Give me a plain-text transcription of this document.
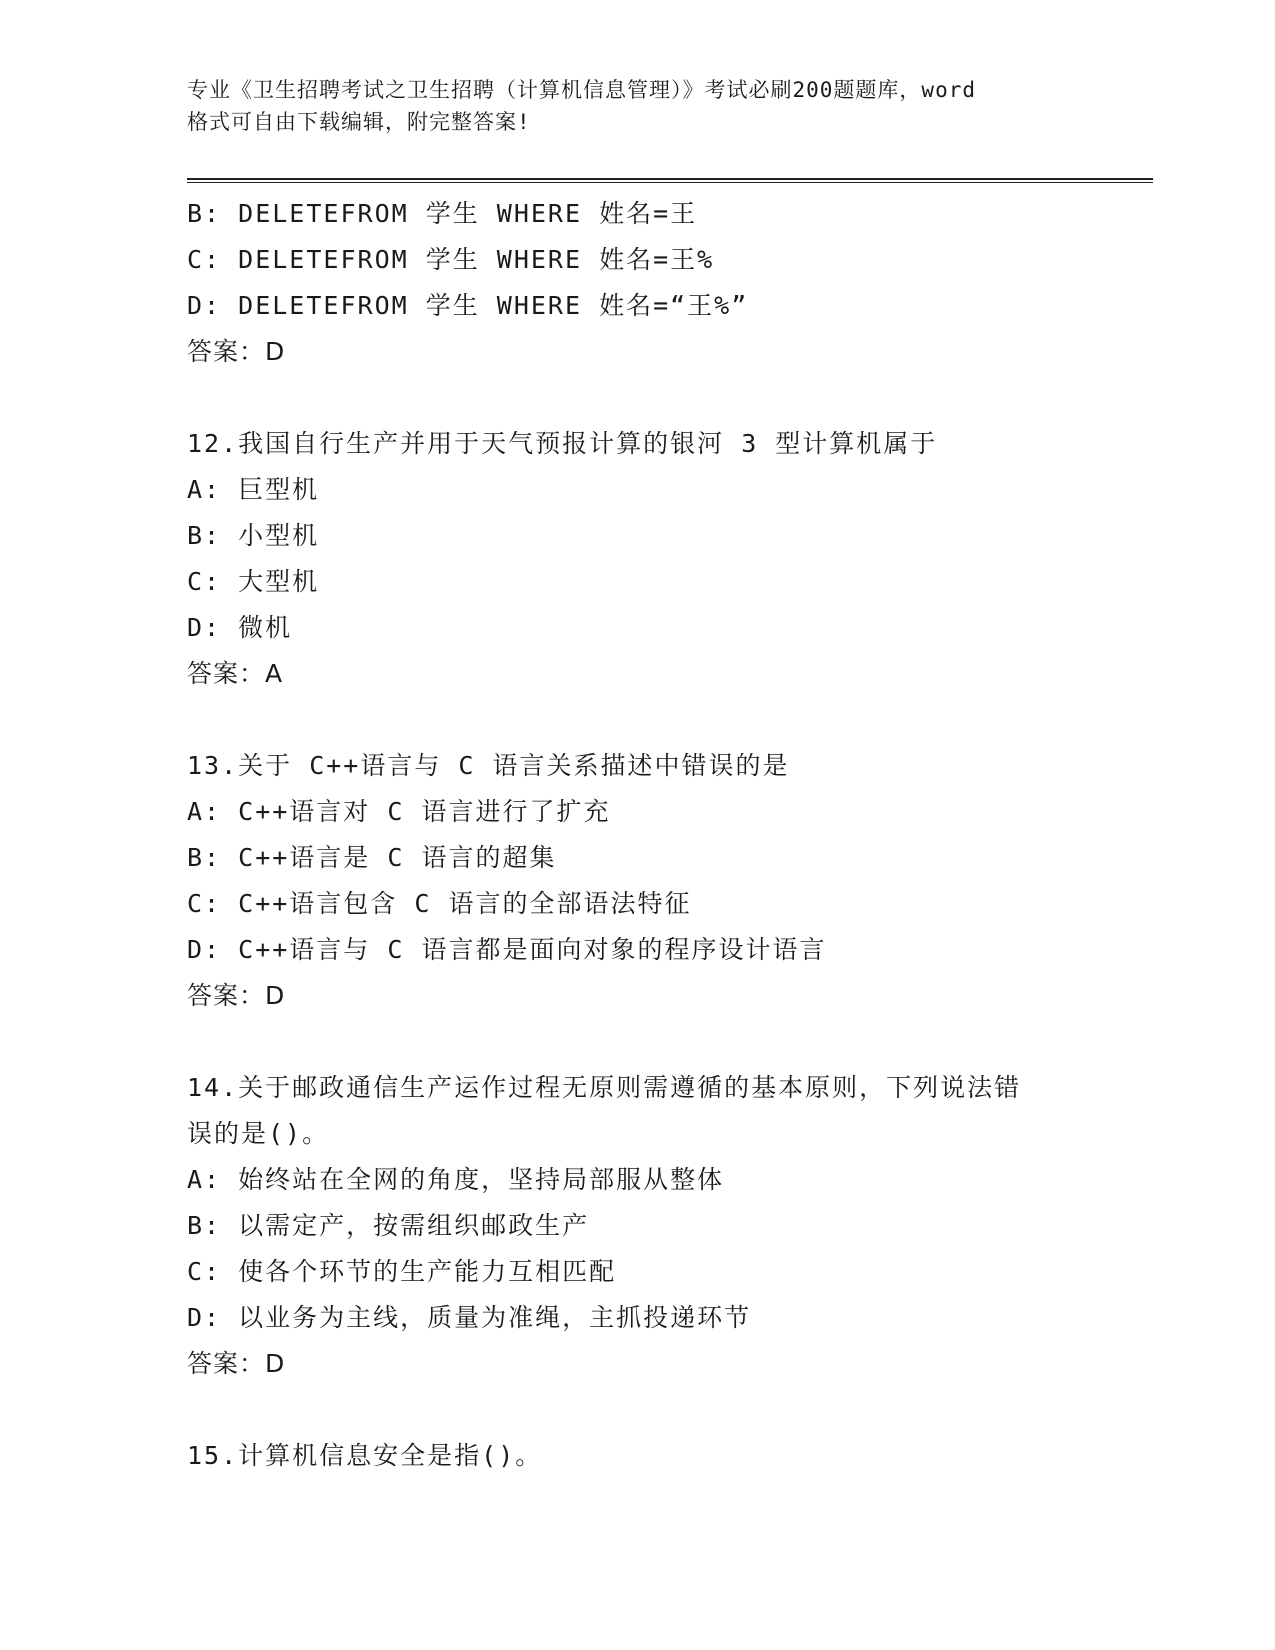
专业《卫生招聘考试之卫生招聘（计算机信息管理）》考试必刷200题题库，word
格式可自由下载编辑，附完整答案!
B: DELETEFROM 学生 WHERE 姓名=王
C: DELETEFROM 学生 WHERE 姓名=王%
D: DELETEFROM 学生 WHERE 姓名=“王%”
答案：D
12.我国自行生产并用于天气预报计算的银河 3 型计算机属于
A: 巨型机
B: 小型机
C: 大型机
D: 微机
答案：A
13.关于 C++语言与 C 语言关系描述中错误的是
A: C++语言对 C 语言进行了扩充
B: C++语言是 C 语言的超集
C: C++语言包含 C 语言的全部语法特征
D: C++语言与 C 语言都是面向对象的程序设计语言
答案：D
14.关于邮政通信生产运作过程无原则需遵循的基本原则，下列说法错
误的是()。
A: 始终站在全网的角度，坚持局部服从整体
B: 以需定产，按需组织邮政生产
C: 使各个环节的生产能力互相匹配
D: 以业务为主线，质量为准绳，主抓投递环节
答案：D
15.计算机信息安全是指()。
